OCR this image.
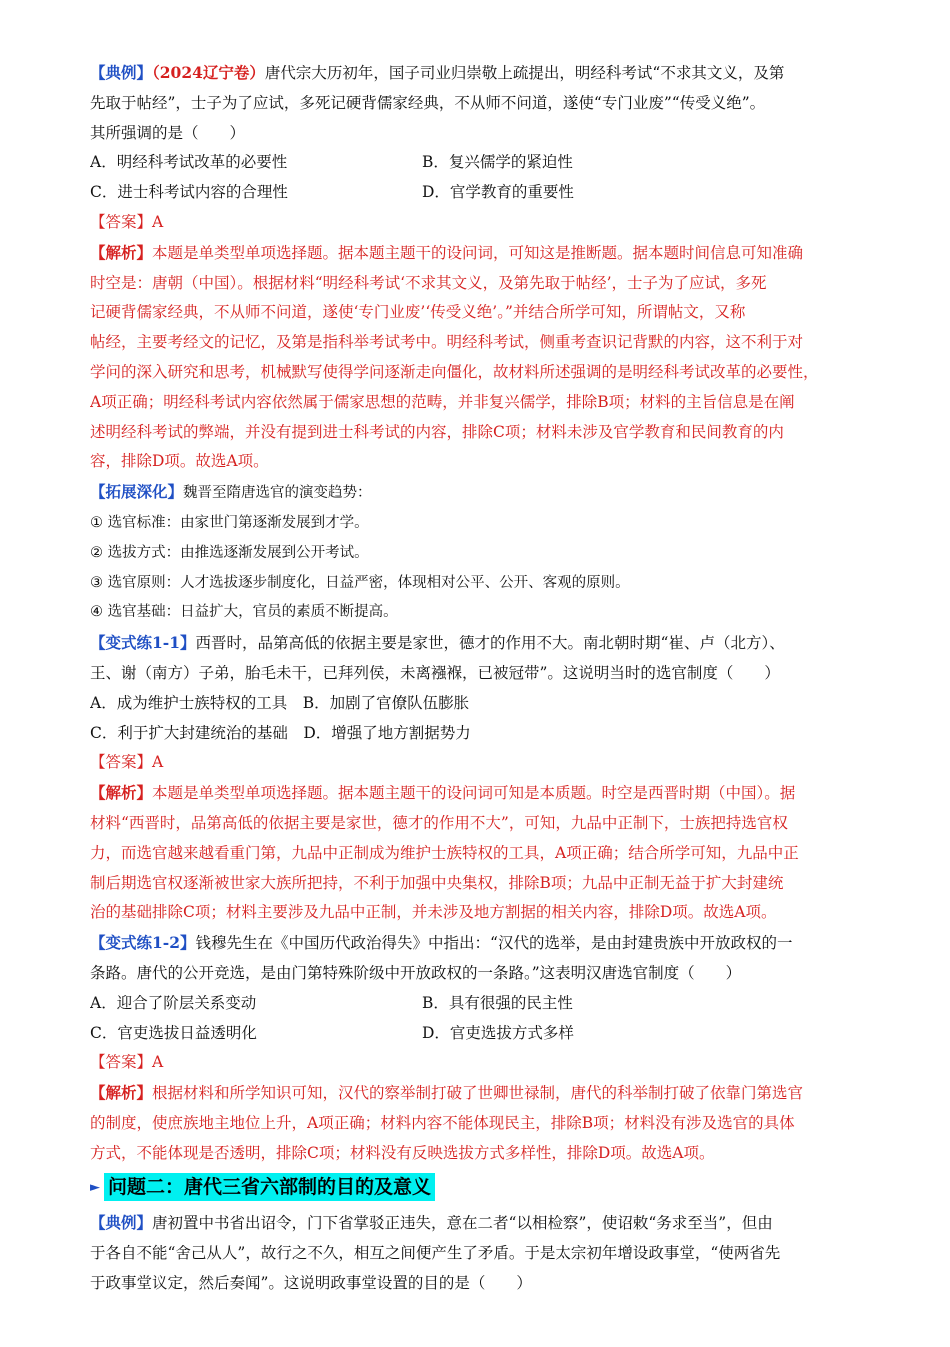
【典例】（2024辽宁卷）唐代宗大历初年，国子司业归崇敬上疏提出，明经科考试“不求其文义，及第
先取于帖经”，士子为了应试，多死记硬背儒家经典，不从师不问道，遂使“专门业废”“传受义绝”。
其所强调的是（　　）
A．明经科考试改革的必要性	B．复兴儒学的紧迫性
C．进士科考试内容的合理性	D．官学教育的重要性
【答案】A
【解析】本题是单类型单项选择题。据本题主题干的设问词，可知这是推断题。据本题时间信息可知准确
时空是：唐朝（中国）。根据材料“明经科考试‘不求其文义，及第先取于帖经’，士子为了应试，多死
记硬背儒家经典，不从师不问道，遂使‘专门业废’‘传受义绝’。”并结合所学可知，所谓帖文，又称
帖经，主要考经文的记忆，及第是指科举考试考中。明经科考试，侧重考查识记背默的内容，这不利于对
学问的深入研究和思考，机械默写使得学问逐渐走向僵化，故材料所述强调的是明经科考试改革的必要性，
A项正确；明经科考试内容依然属于儒家思想的范畴，并非复兴儒学，排除B项；材料的主旨信息是在阐
述明经科考试的弊端，并没有提到进士科考试的内容，排除C项；材料未涉及官学教育和民间教育的内
容，排除D项。故选A项。
【拓展深化】魏晋至隋唐选官的演变趋势：
① 选官标准：由家世门第逐渐发展到才学。
② 选拔方式：由推选逐渐发展到公开考试。
③ 选官原则：人才选拔逐步制度化，日益严密，体现相对公平、公开、客观的原则。
④ 选官基础：日益扩大，官员的素质不断提高。
【变式练1-1】西晋时，品第高低的依据主要是家世，德才的作用不大。南北朝时期“崔、卢（北方）、
王、谢（南方）子弟，胎毛未干，已拜列侯，未离襁褓，已被冠带”。这说明当时的选官制度（　　）
A．成为维护士族特权的工具　B．加剧了官僚队伍膨胀
C．利于扩大封建统治的基础　D．增强了地方割据势力
【答案】A
【解析】本题是单类型单项选择题。据本题主题干的设问词可知是本质题。时空是西晋时期（中国）。据
材料“西晋时，品第高低的依据主要是家世，德才的作用不大”，可知，九品中正制下，士族把持选官权
力，而选官越来越看重门第，九品中正制成为维护士族特权的工具，A项正确；结合所学可知，九品中正
制后期选官权逐渐被世家大族所把持，不利于加强中央集权，排除B项；九品中正制无益于扩大封建统
治的基础排除C项；材料主要涉及九品中正制，并未涉及地方割据的相关内容，排除D项。故选A项。
【变式练1-2】钱穆先生在《中国历代政治得失》中指出：“汉代的选举，是由封建贵族中开放政权的一
条路。唐代的公开竞选，是由门第特殊阶级中开放政权的一条路。”这表明汉唐选官制度（　　）
A．迎合了阶层关系变动	B．具有很强的民主性
C．官吏选拔日益透明化	D．官吏选拔方式多样
【答案】A
【解析】根据材料和所学知识可知，汉代的察举制打破了世卿世禄制，唐代的科举制打破了依靠门第选官
的制度，使庶族地主地位上升，A项正确；材料内容不能体现民主，排除B项；材料没有涉及选官的具体
方式，不能体现是否透明，排除C项；材料没有反映选拔方式多样性，排除D项。故选A项。
► 问题二：唐代三省六部制的目的及意义
【典例】唐初置中书省出诏令，门下省掌驳正违失，意在二者“以相检察”，使诏敕“务求至当”，但由
于各自不能“舍己从人”，故行之不久，相互之间便产生了矛盾。于是太宗初年增设政事堂，“使两省先
于政事堂议定，然后奏闻”。这说明政事堂设置的目的是（　　）
